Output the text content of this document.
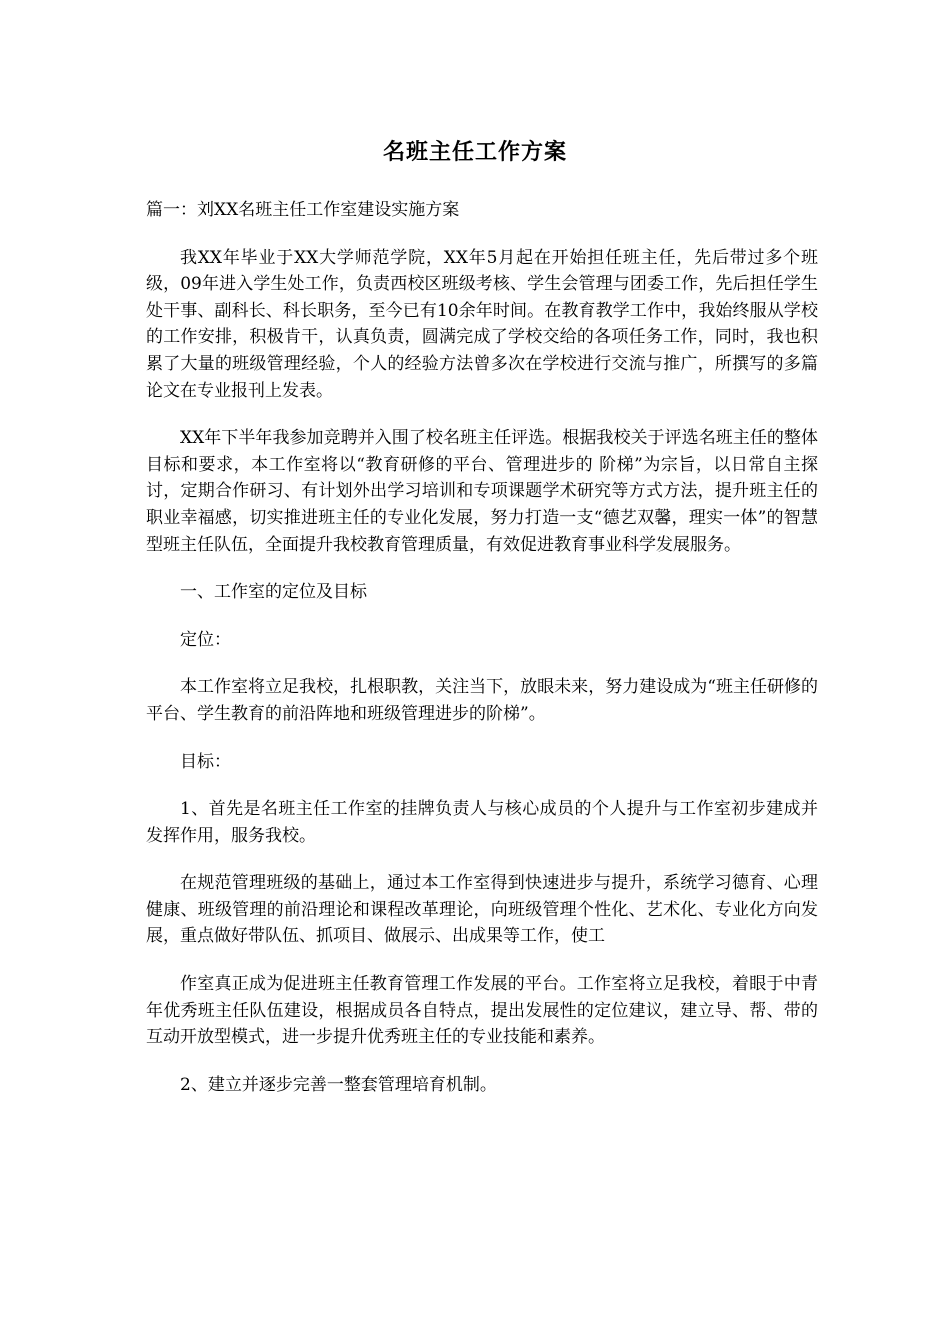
名班主任工作方案

篇一：刘XX名班主任工作室建设实施方案

我XX年毕业于XX大学师范学院，XX年5月起在开始担任班主任，先后带过多个班级，09年进入学生处工作，负责西校区班级考核、学生会管理与团委工作，先后担任学生处干事、副科长、科长职务，至今已有10余年时间。在教育教学工作中，我始终服从学校的工作安排，积极肯干，认真负责，圆满完成了学校交给的各项任务工作，同时，我也积累了大量的班级管理经验，个人的经验方法曾多次在学校进行交流与推广，所撰写的多篇论文在专业报刊上发表。

XX年下半年我参加竞聘并入围了校名班主任评选。根据我校关于评选名班主任的整体目标和要求，本工作室将以“教育研修的平台、管理进步的 阶梯”为宗旨，以日常自主探讨，定期合作研习、有计划外出学习培训和专项课题学术研究等方式方法，提升班主任的职业幸福感，切实推进班主任的专业化发展，努力打造一支“德艺双馨，理实一体”的智慧型班主任队伍，全面提升我校教育管理质量，有效促进教育事业科学发展服务。

一、工作室的定位及目标

定位：

本工作室将立足我校，扎根职教，关注当下，放眼未来，努力建设成为“班主任研修的平台、学生教育的前沿阵地和班级管理进步的阶梯”。

目标：

1、首先是名班主任工作室的挂牌负责人与核心成员的个人提升与工作室初步建成并发挥作用，服务我校。

在规范管理班级的基础上，通过本工作室得到快速进步与提升，系统学习德育、心理健康、班级管理的前沿理论和课程改革理论，向班级管理个性化、艺术化、专业化方向发展，重点做好带队伍、抓项目、做展示、出成果等工作，使工

作室真正成为促进班主任教育管理工作发展的平台。工作室将立足我校，着眼于中青年优秀班主任队伍建设，根据成员各自特点，提出发展性的定位建议，建立导、帮、带的互动开放型模式，进一步提升优秀班主任的专业技能和素养。

2、建立并逐步完善一整套管理培育机制。
